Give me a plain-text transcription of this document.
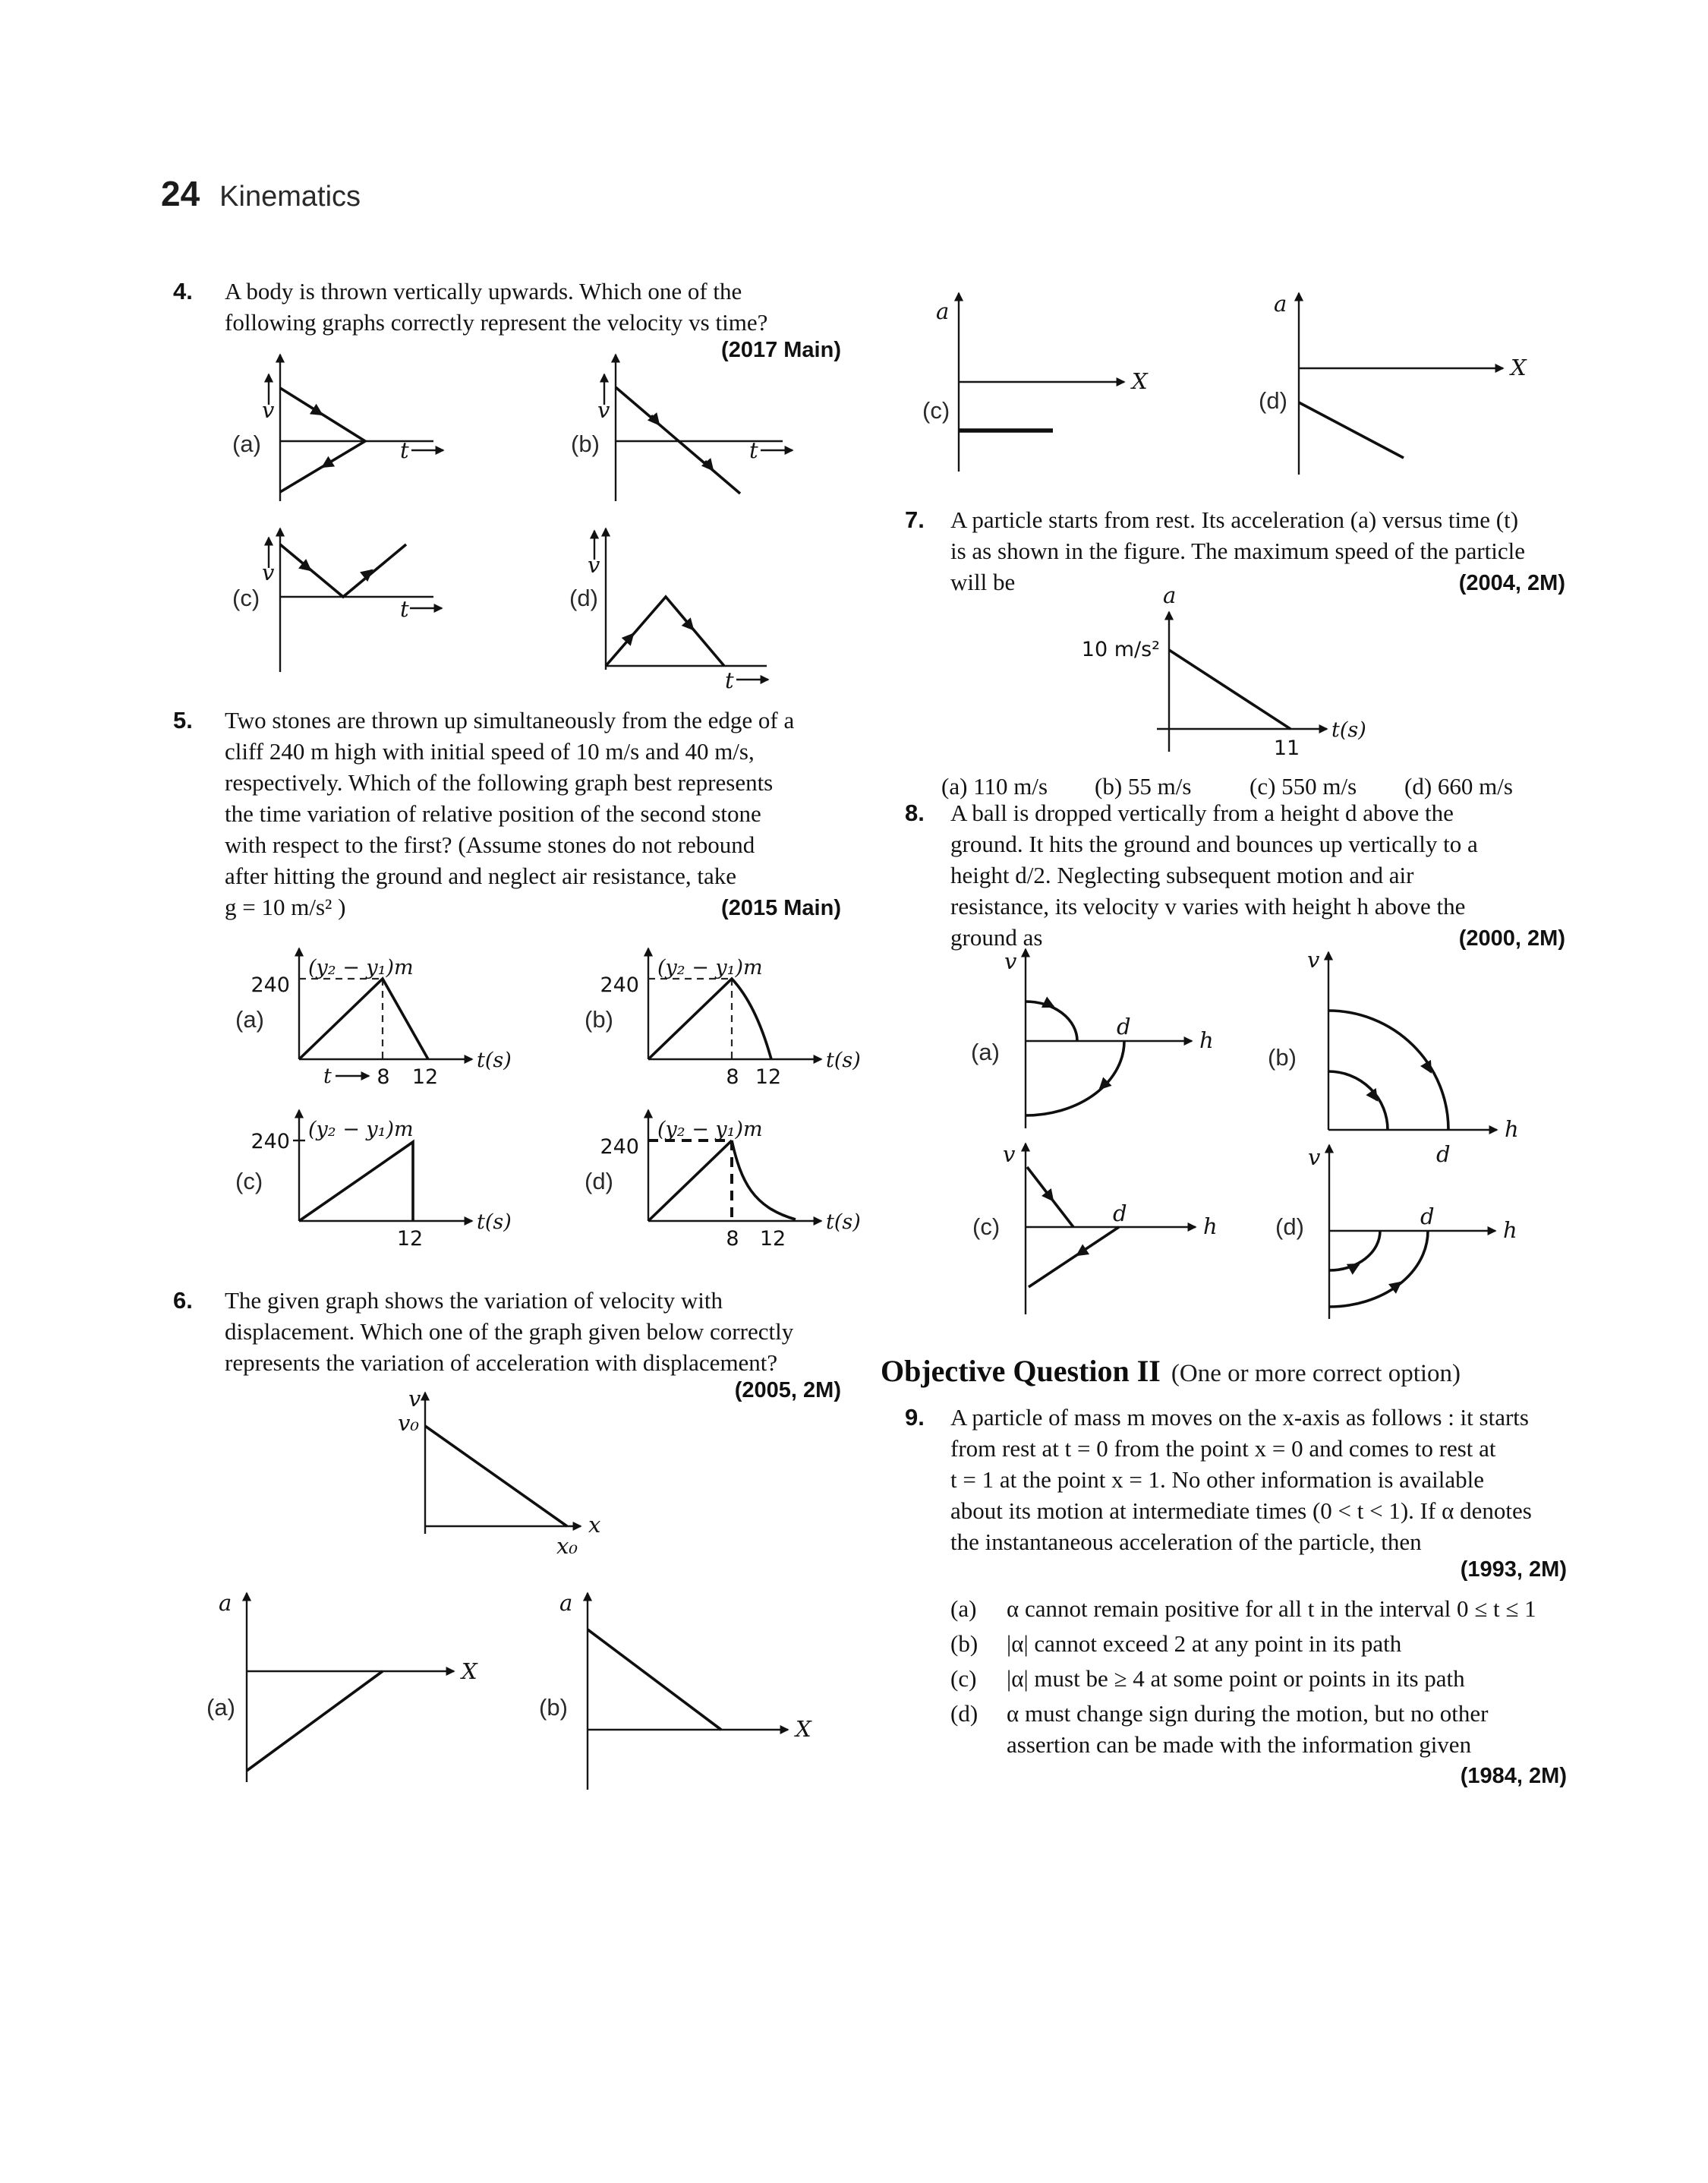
24 Kinematics
4. A body is thrown vertically upwards. Which one of the
following graphs correctly represent the velocity vs time?
(2017 Main)
v
t
(a)
v
t
(b)
v
t
(c)
v
t
(d)
5. Two stones are thrown up simultaneously from the edge of a
cliff 240 m high with initial speed of 10 m/s and 40 m/s,
respectively. Which of the following graph best represents
the time variation of relative position of the second stone
with respect to the first? (Assume stones do not rebound
after hitting the ground and neglect air resistance, take
g = 10 m/s² )	(2015 Main)
(y₂ − y₁)m
240
t 8 12
t(s)
(a)
(y₂ − y₁)m
240
8 12
t(s)
(b)
(y₂ − y₁)m
240
12
t(s)
(c)
(y₂ − y₁)m
240
8 12
t(s)
(d)
6. The given graph shows the variation of velocity with
displacement. Which one of the graph given below correctly
represents the variation of acceleration with displacement?
(2005, 2M)
v
v₀
x
x₀
a
X
(a)
a
X
(b)
a
X
(c)
a
X
(d)
7. A particle starts from rest. Its acceleration (a) versus time (t)
is as shown in the figure. The maximum speed of the particle
will be	(2004, 2M)
a
10 m/s²
t(s)
11
(a) 110 m/s (b) 55 m/s (c) 550 m/s (d) 660 m/s
8. A ball is dropped vertically from a height d above the
ground. It hits the ground and bounces up vertically to a
height d/2. Neglecting subsequent motion and air
resistance, its velocity v varies with height h above the
ground as	(2000, 2M)
v
h
d
(a)
v
h
d
(b)
v
h
d
(c)
v
h
d
(d)
Objective Question II (One or more correct option)
9. A particle of mass m moves on the x-axis as follows : it starts
from rest at t = 0 from the point x = 0 and comes to rest at
t = 1 at the point x = 1. No other information is available
about its motion at intermediate times (0 < t < 1). If α denotes
the instantaneous acceleration of the particle, then
(1993, 2M)
(a) α cannot remain positive for all t in the interval 0 ≤ t ≤ 1
(b) |α| cannot exceed 2 at any point in its path
(c) |α| must be ≥ 4 at some point or points in its path
(d) α must change sign during the motion, but no other
assertion can be made with the information given
(1984, 2M)
